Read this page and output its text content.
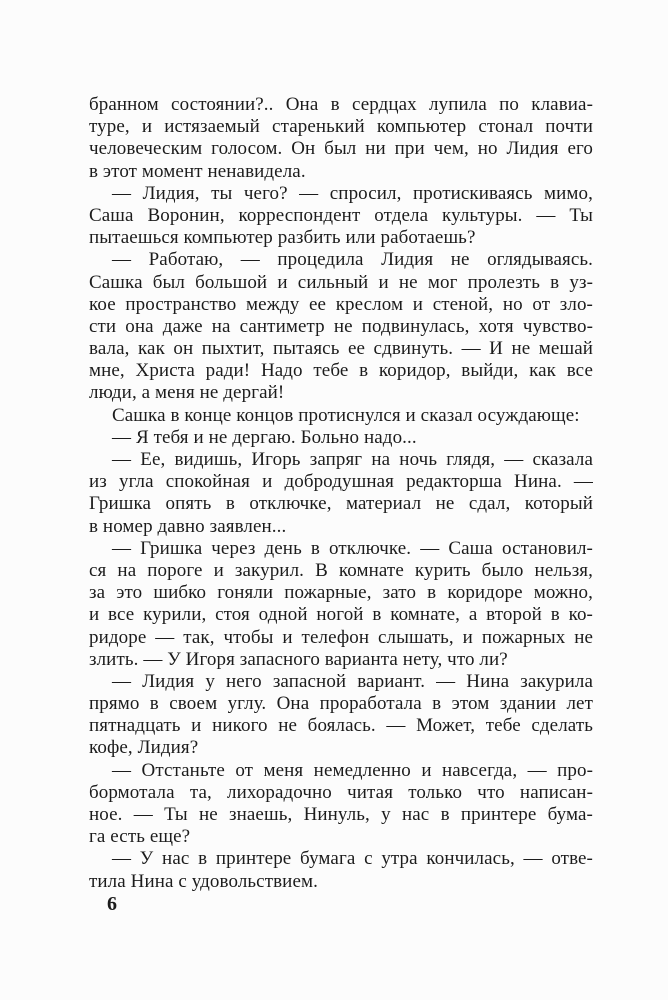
бранном состоянии?.. Она в сердцах лупила по клавиа-
туре, и истязаемый старенький компьютер стонал почти
человеческим голосом. Он был ни при чем, но Лидия его
в этот момент ненавидела.
— Лидия, ты чего? — спросил, протискиваясь мимо,
Саша Воронин, корреспондент отдела культуры. — Ты
пытаешься компьютер разбить или работаешь?
— Работаю, — процедила Лидия не оглядываясь.
Сашка был большой и сильный и не мог пролезть в уз-
кое пространство между ее креслом и стеной, но от зло-
сти она даже на сантиметр не подвинулась, хотя чувство-
вала, как он пыхтит, пытаясь ее сдвинуть. — И не мешай
мне, Христа ради! Надо тебе в коридор, выйди, как все
люди, а меня не дергай!
Сашка в конце концов протиснулся и сказал осуждающе:
— Я тебя и не дергаю. Больно надо...
— Ее, видишь, Игорь запряг на ночь глядя, — сказала
из угла спокойная и добродушная редакторша Нина. —
Гришка опять в отключке, материал не сдал, который
в номер давно заявлен...
— Гришка через день в отключке. — Саша остановил-
ся на пороге и закурил. В комнате курить было нельзя,
за это шибко гоняли пожарные, зато в коридоре можно,
и все курили, стоя одной ногой в комнате, а второй в ко-
ридоре — так, чтобы и телефон слышать, и пожарных не
злить. — У Игоря запасного варианта нету, что ли?
— Лидия у него запасной вариант. — Нина закурила
прямо в своем углу. Она проработала в этом здании лет
пятнадцать и никого не боялась. — Может, тебе сделать
кофе, Лидия?
— Отстаньте от меня немедленно и навсегда, — про-
бормотала та, лихорадочно читая только что написан-
ное. — Ты не знаешь, Нинуль, у нас в принтере бума-
га есть еще?
— У нас в принтере бумага с утра кончилась, — отве-
тила Нина с удовольствием.
6
